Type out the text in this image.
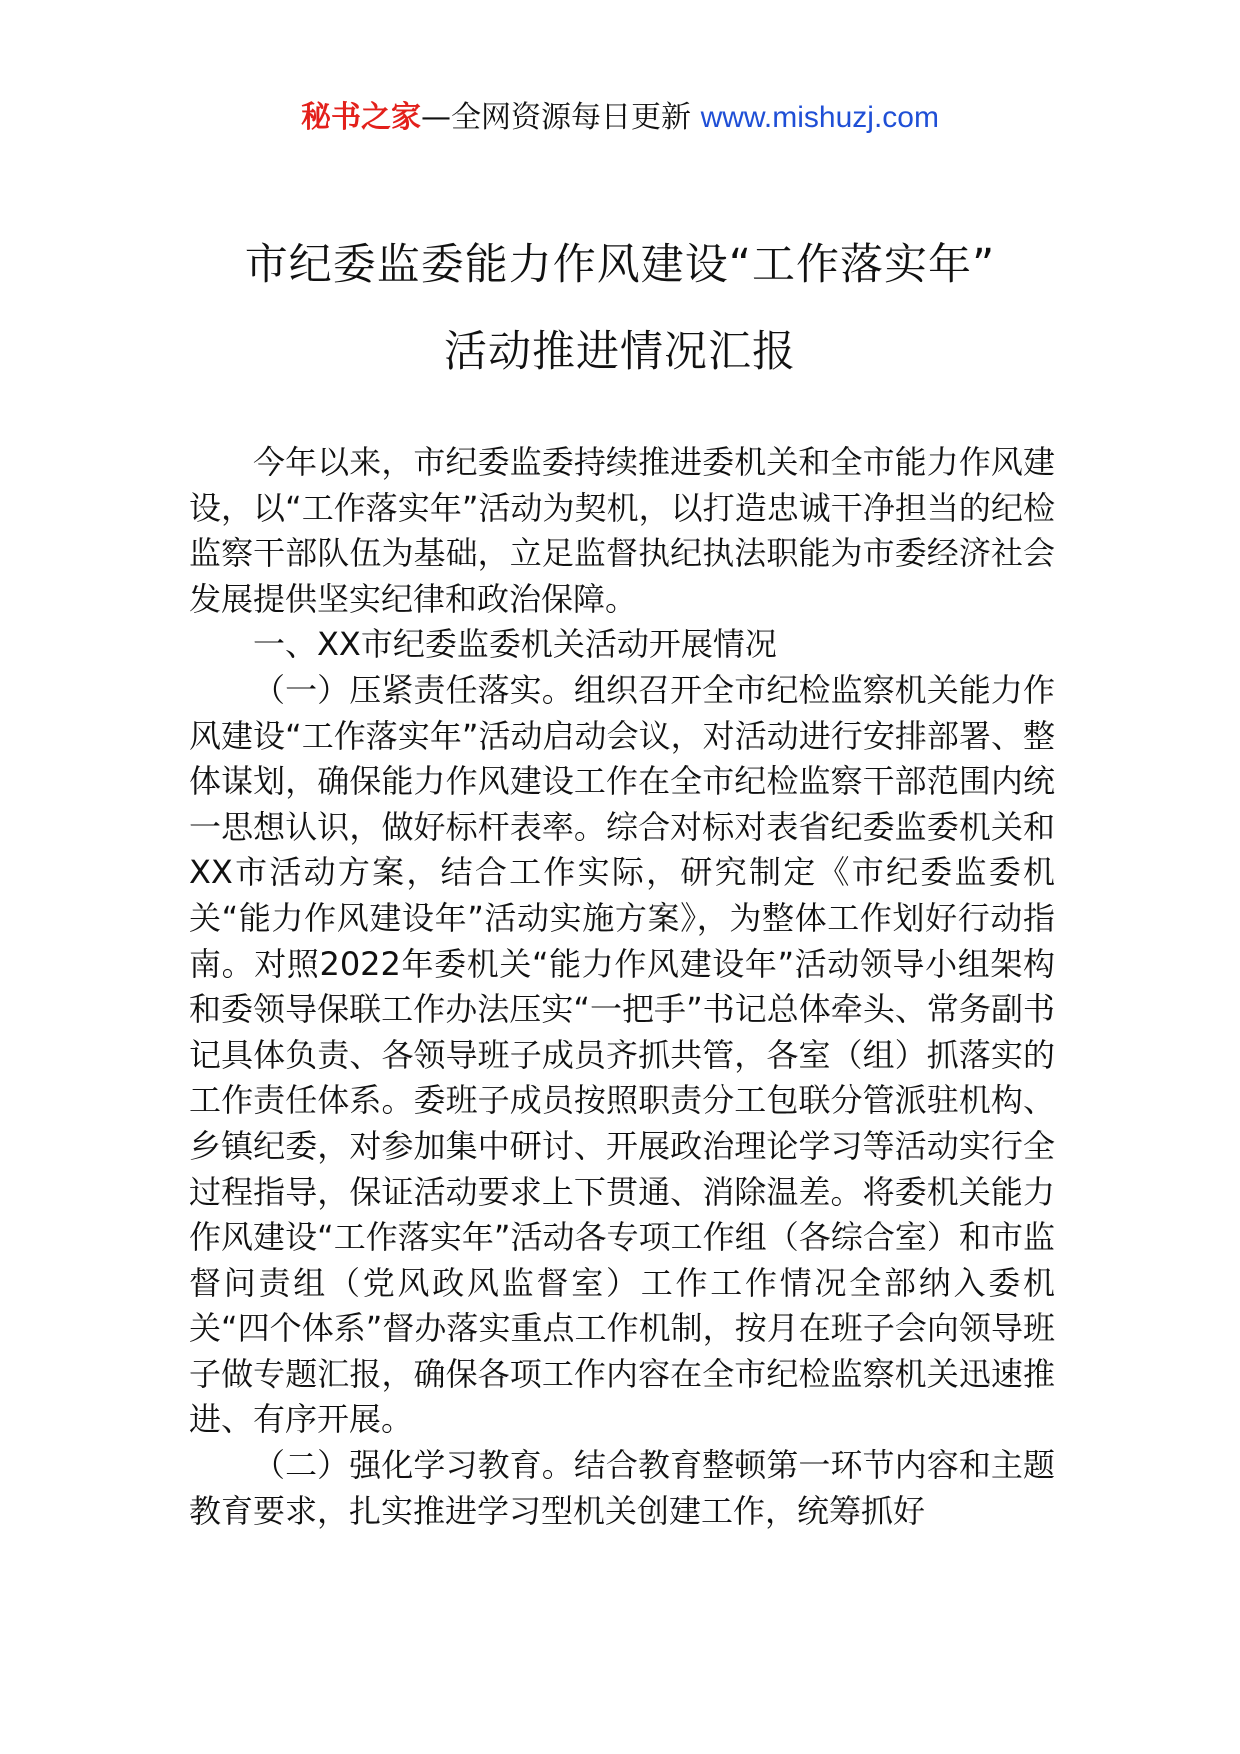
秘书之家—全网资源每日更新 www.mishuzj.com
市纪委监委能力作风建设“工作落实年”
活动推进情况汇报

今年以来，市纪委监委持续推进委机关和全市能力作风建设，以“工作落实年”活动为契机，以打造忠诚干净担当的纪检监察干部队伍为基础，立足监督执纪执法职能为市委经济社会发展提供坚实纪律和政治保障。

一、XX市纪委监委机关活动开展情况

（一）压紧责任落实。组织召开全市纪检监察机关能力作风建设“工作落实年”活动启动会议，对活动进行安排部署、整体谋划，确保能力作风建设工作在全市纪检监察干部范围内统一思想认识，做好标杆表率。综合对标对表省纪委监委机关和XX市活动方案，结合工作实际，研究制定《市纪委监委机关“能力作风建设年”活动实施方案》，为整体工作划好行动指南。对照2022年委机关“能力作风建设年”活动领导小组架构和委领导保联工作办法压实“一把手”书记总体牵头、常务副书记具体负责、各领导班子成员齐抓共管，各室（组）抓落实的工作责任体系。委班子成员按照职责分工包联分管派驻机构、乡镇纪委，对参加集中研讨、开展政治理论学习等活动实行全过程指导，保证活动要求上下贯通、消除温差。将委机关能力作风建设“工作落实年”活动各专项工作组（各综合室）和市监督问责组（党风政风监督室）工作工作情况全部纳入委机关“四个体系”督办落实重点工作机制，按月在班子会向领导班子做专题汇报，确保各项工作内容在全市纪检监察机关迅速推进、有序开展。

（二）强化学习教育。结合教育整顿第一环节内容和主题教育要求，扎实推进学习型机关创建工作，统筹抓好
